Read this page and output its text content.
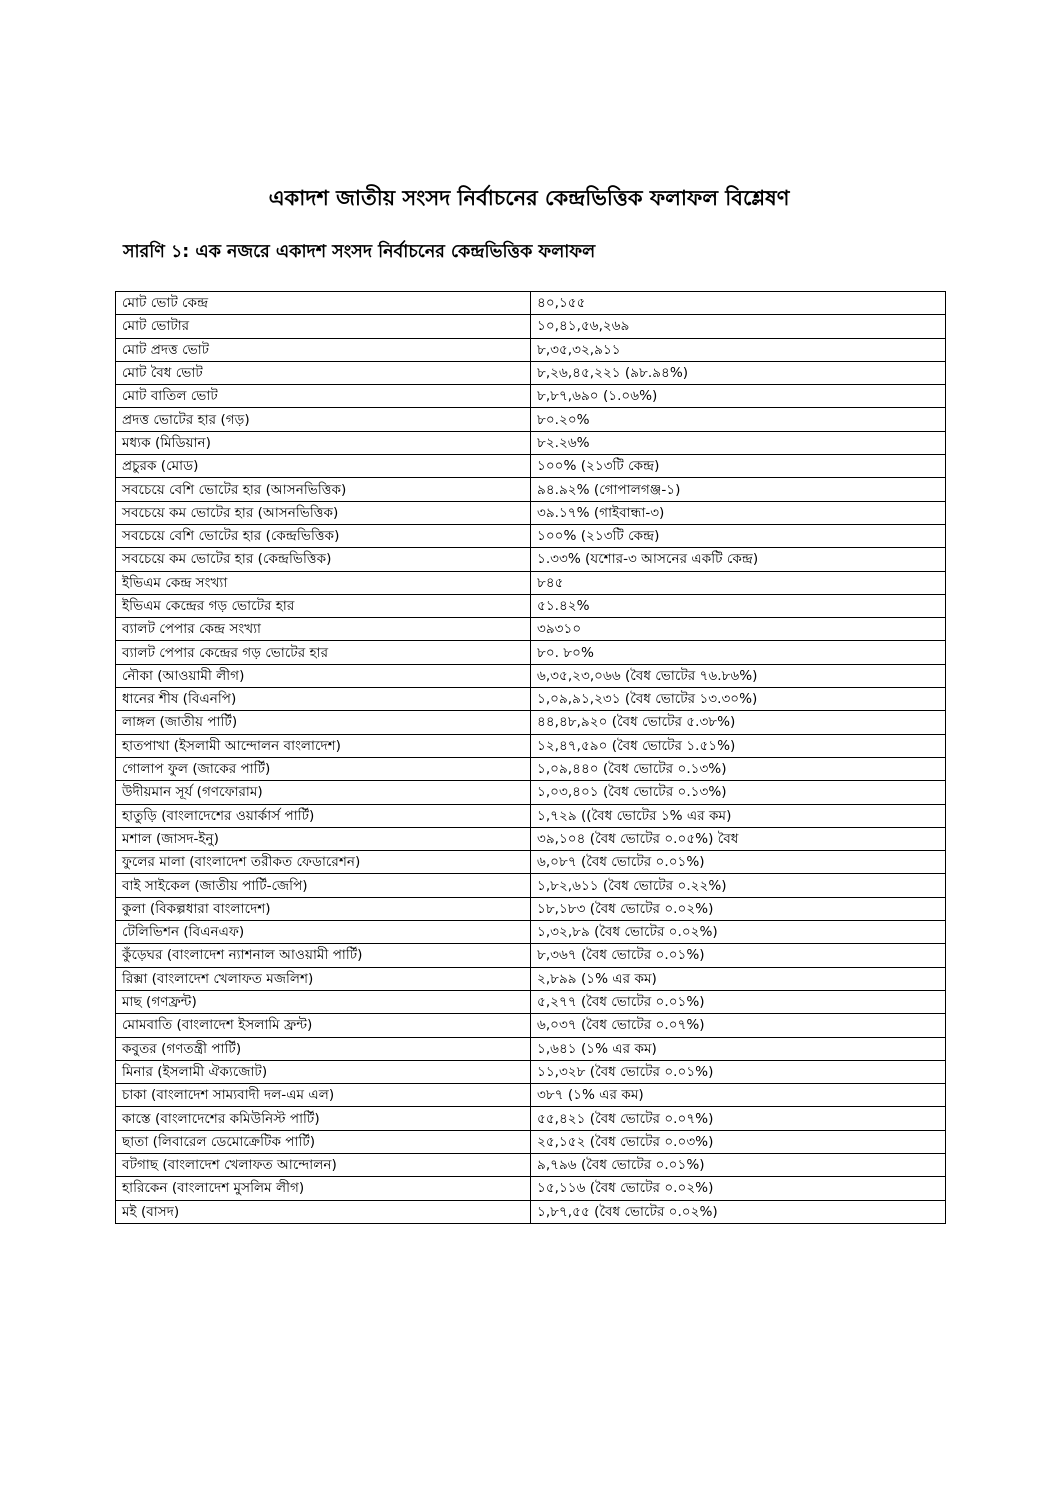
একাদশ জাতীয় সংসদ নির্বাচনের কেন্দ্রভিত্তিক ফলাফল বিশ্লেষণ
সারণি ১: এক নজরে একাদশ সংসদ নির্বাচনের কেন্দ্রভিত্তিক ফলাফল
মোট ভোট কেন্দ্র	৪০,১৫৫
মোট ভোটার	১০,৪১,৫৬,২৬৯
মোট প্রদত্ত ভোট	৮,৩৫,৩২,৯১১
মোট বৈধ ভোট	৮,২৬,৪৫,২২১ (৯৮.৯৪%)
মোট বাতিল ভোট	৮,৮৭,৬৯০ (১.০৬%)
প্রদত্ত ভোটের হার (গড়)	৮০.২০%
মধ্যক (মিডিয়ান)	৮২.২৬%
প্রচুরক (মোড)	১০০% (২১৩টি কেন্দ্র)
সবচেয়ে বেশি ভোটের হার (আসনভিত্তিক)	৯৪.৯২% (গোপালগঞ্জ-১)
সবচেয়ে কম ভোটের হার (আসনভিত্তিক)	৩৯.১৭% (গাইবান্ধা-৩)
সবচেয়ে বেশি ভোটের হার (কেন্দ্রভিত্তিক)	১০০% (২১৩টি কেন্দ্র)
সবচেয়ে কম ভোটের হার (কেন্দ্রভিত্তিক)	১.৩৩% (যশোর-৩ আসনের একটি কেন্দ্র)
ইভিএম কেন্দ্র সংখ্যা	৮৪৫
ইভিএম কেন্দ্রের গড় ভোটের হার	৫১.৪২%
ব্যালট পেপার কেন্দ্র সংখ্যা	৩৯৩১০
ব্যালট পেপার কেন্দ্রের গড় ভোটের হার	৮০. ৮০%
নৌকা (আওয়ামী লীগ)	৬,৩৫,২৩,০৬৬ (বৈধ ভোটের ৭৬.৮৬%)
ধানের শীষ (বিএনপি)	১,০৯,৯১,২৩১ (বৈধ ভোটের ১৩.৩০%)
লাঙ্গল (জাতীয় পার্টি)	৪৪,৪৮,৯২০ (বৈধ ভোটের ৫.৩৮%)
হাতপাখা (ইসলামী আন্দোলন বাংলাদেশ)	১২,৪৭,৫৯০ (বৈধ ভোটের ১.৫১%)
গোলাপ ফুল (জাকের পার্টি)	১,০৯,৪৪০ (বৈধ ভোটের ০.১৩%)
উদীয়মান সূর্য (গণফোরাম)	১,০৩,৪০১ (বৈধ ভোটের ০.১৩%)
হাতুড়ি (বাংলাদেশের ওয়ার্কার্স পার্টি)	১,৭২৯ ((বৈধ ভোটের ১% এর কম)
মশাল (জাসদ-ইনু)	৩৯,১০৪ (বৈধ ভোটের ০.০৫%) বৈধ
ফুলের মালা (বাংলাদেশ তরীকত ফেডারেশন)	৬,০৮৭ (বৈধ ভোটের ০.০১%)
বাই সাইকেল (জাতীয় পার্টি-জেপি)	১,৮২,৬১১ (বৈধ ভোটের ০.২২%)
কুলা (বিকল্পধারা বাংলাদেশ)	১৮,১৮৩ (বৈধ ভোটের ০.০২%)
টেলিভিশন (বিএনএফ)	১,৩২,৮৯ (বৈধ ভোটের ০.০২%)
কুঁড়েঘর (বাংলাদেশ ন্যাশনাল আওয়ামী পার্টি)	৮,৩৬৭ (বৈধ ভোটের ০.০১%)
রিক্সা (বাংলাদেশ খেলাফত মজলিশ)	২,৮৯৯ (১% এর কম)
মাছ (গণফ্রন্ট)	৫,২৭৭ (বৈধ ভোটের ০.০১%)
মোমবাতি (বাংলাদেশ ইসলামি ফ্রন্ট)	৬,০৩৭ (বৈধ ভোটের ০.০৭%)
কবুতর (গণতন্ত্রী পার্টি)	১,৬৪১ (১% এর কম)
মিনার (ইসলামী ঐক্যজোট)	১১,৩২৮ (বৈধ ভোটের ০.০১%)
চাকা (বাংলাদেশ সাম্যবাদী দল-এম এল)	৩৮৭ (১% এর কম)
কাস্তে (বাংলাদেশের কমিউনিস্ট পার্টি)	৫৫,৪২১ (বৈধ ভোটের ০.০৭%)
ছাতা (লিবারেল ডেমোক্রেটিক পার্টি)	২৫,১৫২ (বৈধ ভোটের ০.০৩%)
বটগাছ (বাংলাদেশ খেলাফত আন্দোলন)	৯,৭৯৬ (বৈধ ভোটের ০.০১%)
হারিকেন (বাংলাদেশ মুসলিম লীগ)	১৫,১১৬ (বৈধ ভোটের ০.০২%)
মই (বাসদ)	১,৮৭,৫৫ (বৈধ ভোটের ০.০২%)
